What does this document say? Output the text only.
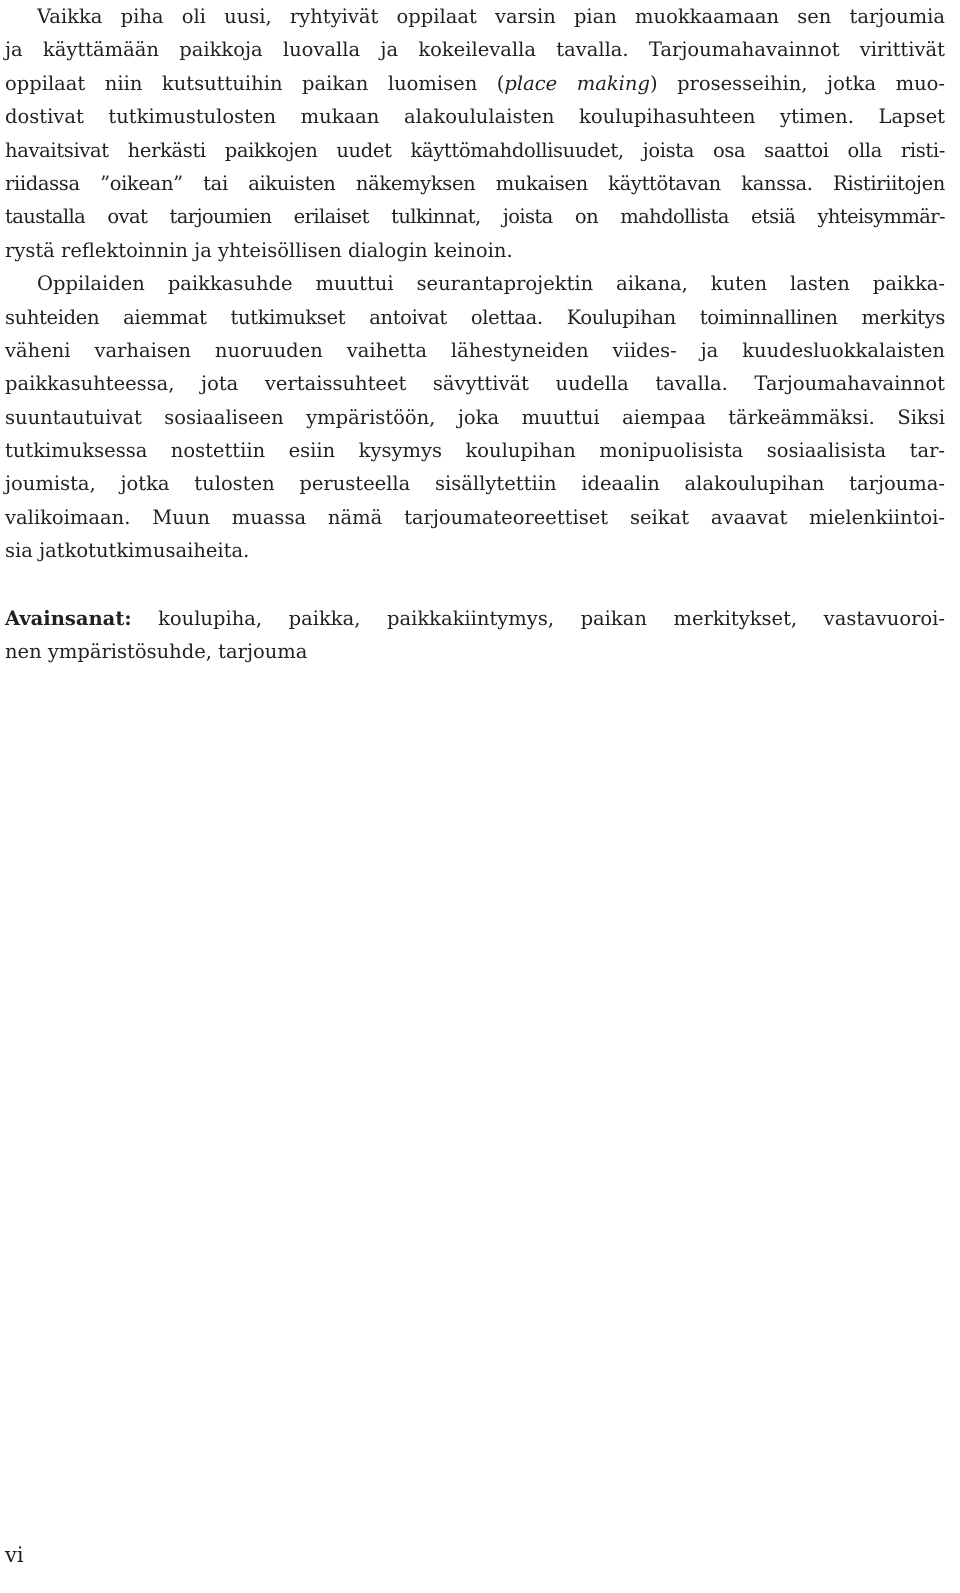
Vaikka piha oli uusi, ryhtyivät oppilaat varsin pian muokkaamaan sen tarjoumia
ja käyttämään paikkoja luovalla ja kokeilevalla tavalla. Tarjoumahavainnot virittivät
oppilaat niin kutsuttuihin paikan luomisen (place making) prosesseihin, jotka muo-
dostivat tutkimustulosten mukaan alakoululaisten koulupihasuhteen ytimen. Lapset
havaitsivat herkästi paikkojen uudet käyttömahdollisuudet, joista osa saattoi olla risti-
riidassa ”oikean” tai aikuisten näkemyksen mukaisen käyttötavan kanssa. Ristiriitojen
taustalla ovat tarjoumien erilaiset tulkinnat, joista on mahdollista etsiä yhteisymmär-
rystä reflektoinnin ja yhteisöllisen dialogin keinoin.
Oppilaiden paikkasuhde muuttui seurantaprojektin aikana, kuten lasten paikka-
suhteiden aiemmat tutkimukset antoivat olettaa. Koulupihan toiminnallinen merkitys
väheni varhaisen nuoruuden vaihetta lähestyneiden viides- ja kuudesluokkalaisten
paikkasuhteessa, jota vertaissuhteet sävyttivät uudella tavalla. Tarjoumahavainnot
suuntautuivat sosiaaliseen ympäristöön, joka muuttui aiempaa tärkeämmäksi. Siksi
tutkimuksessa nostettiin esiin kysymys koulupihan monipuolisista sosiaalisista tar-
joumista, jotka tulosten perusteella sisällytettiin ideaalin alakoulupihan tarjouma-
valikoimaan. Muun muassa nämä tarjoumateoreettiset seikat avaavat mielenkiintoi-
sia jatkotutkimusaiheita.
Avainsanat: koulupiha, paikka, paikkakiintymys, paikan merkitykset, vastavuoroi-
nen ympäristösuhde, tarjouma
vi
